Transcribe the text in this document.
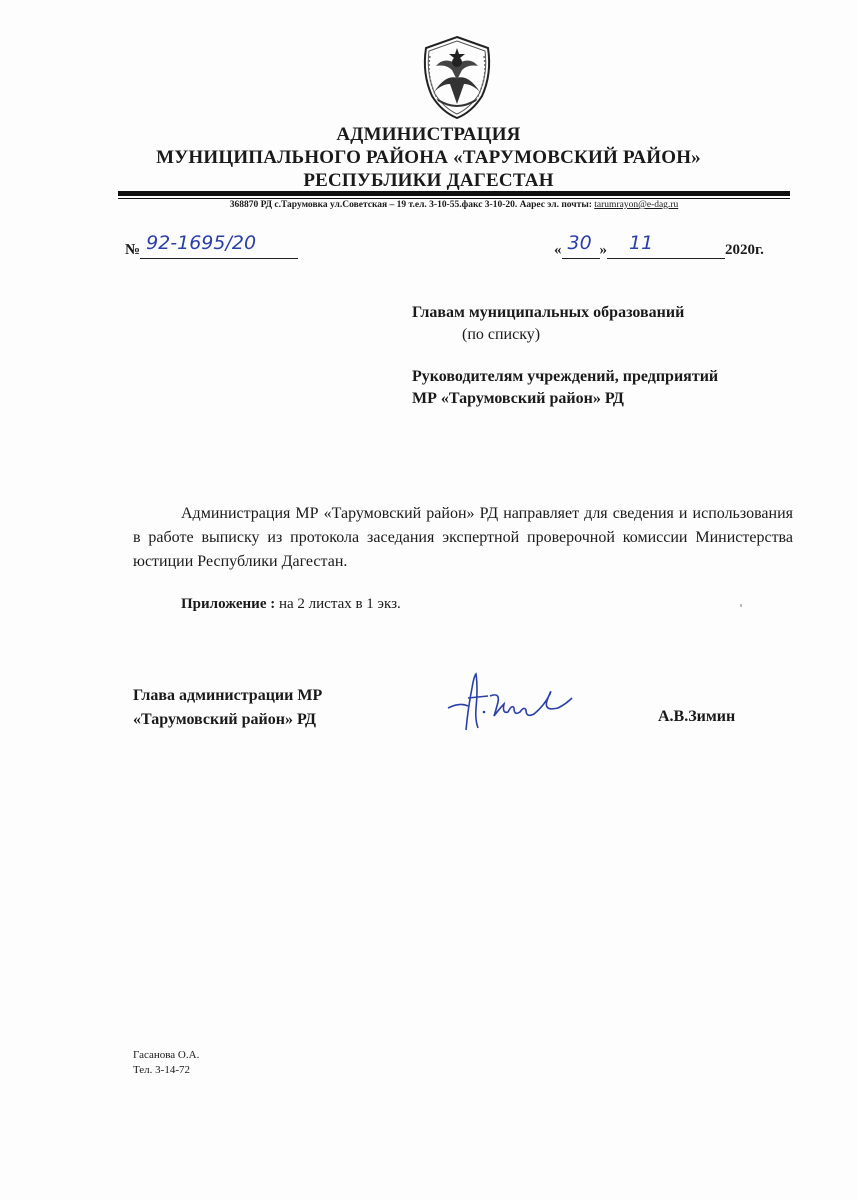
АДМИНИСТРАЦИЯ
МУНИЦИПАЛЬНОГО РАЙОНА «ТАРУМОВСКИЙ РАЙОН»
РЕСПУБЛИКИ ДАГЕСТАН
368870 РД с.Тарумовка ул.Советская – 19 т.ел. 3-10-55.факс 3-10-20. Аарес эл. почты: tarumrayon@e-dag.ru
№ 92-1695/20	« 30 » 11	2020г.
Главам муниципальных образований
(по списку)
Руководителям учреждений, предприятий
МР «Тарумовский район» РД
Администрация МР «Тарумовский район» РД направляет для сведения и использования в работе выписку из протокола заседания экспертной проверочной комиссии Министерства юстиции Республики Дагестан.
Приложение : на 2 листах в 1 экз.
Глава администрации МР
«Тарумовский район» РД	А.В.Зимин
Гасанова О.А.
Тел. 3-14-72
